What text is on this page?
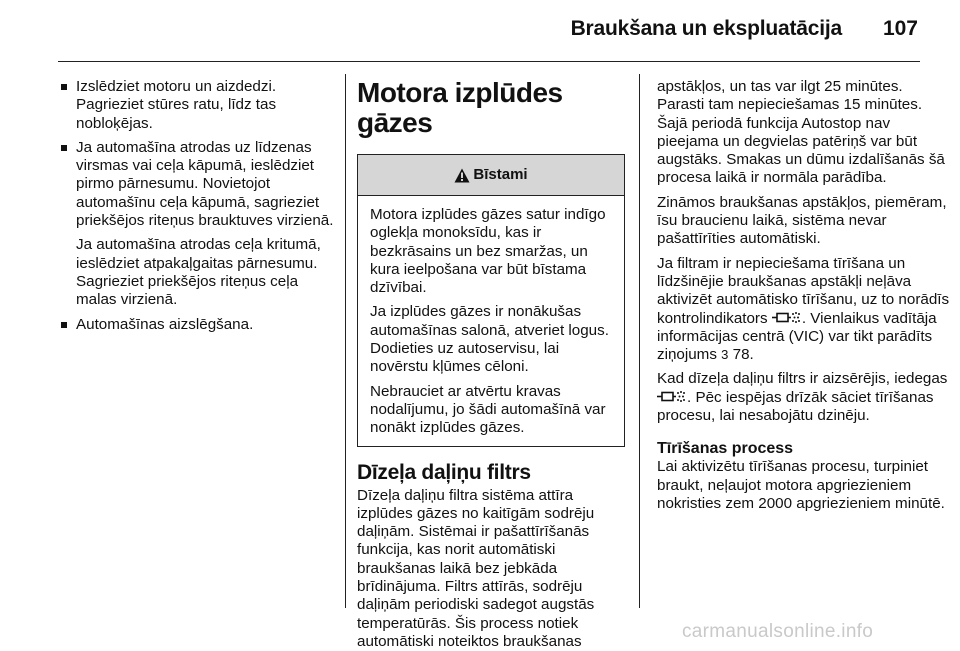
Braukšana un ekspluatācija 107

Izslēdziet motoru un aizdedzi. Pagrieziet stūres ratu, līdz tas nobloķējas.

Ja automašīna atrodas uz līdzenas virsmas vai ceļa kāpumā, ieslēdziet pirmo pārnesumu. Novietojot automašīnu ceļa kāpumā, sagrieziet priekšējos riteņus brauktuves virzienā.

Ja automašīna atrodas ceļa kritumā, ieslēdziet atpakaļgaitas pārnesumu. Sagrieziet priekšējos riteņus ceļa malas virzienā.

Automašīnas aizslēgšana.

Motora izplūdes gāzes

Bīstami

Motora izplūdes gāzes satur indīgo oglekļa monoksīdu, kas ir bezkrāsains un bez smaržas, un kura ieelpošana var būt bīstama dzīvībai.

Ja izplūdes gāzes ir nonākušas automašīnas salonā, atveriet logus. Dodieties uz autoservisu, lai novērstu kļūmes cēloni.

Nebrauciet ar atvērtu kravas nodalījumu, jo šādi automašīnā var nonākt izplūdes gāzes.

Dīzeļa daļiņu filtrs

Dīzeļa daļiņu filtra sistēma attīra izplūdes gāzes no kaitīgām sodrēju daļiņām. Sistēmai ir pašattīrīšanās funkcija, kas norit automātiski braukšanas laikā bez jebkāda brīdinājuma. Filtrs attīrās, sodrēju daļiņām periodiski sadegot augstās temperatūrās. Šis process notiek automātiski noteiktos braukšanas

apstākļos, un tas var ilgt 25 minūtes. Parasti tam nepieciešamas 15 minūtes. Šajā periodā funkcija Autostop nav pieejama un degvielas patēriņš var būt augstāks. Smakas un dūmu izdalīšanās šā procesa laikā ir normāla parādība.

Zināmos braukšanas apstākļos, piemēram, īsu braucienu laikā, sistēma nevar pašattīrīties automātiski.

Ja filtram ir nepieciešama tīrīšana un līdzšinējie braukšanas apstākļi neļāva aktivizēt automātisko tīrīšanu, uz to norādīs kontrolindikators . Vienlaikus vadītāja informācijas centrā (VIC) var tikt parādīts ziņojums 3 78.

Kad dīzeļa daļiņu filtrs ir aizsērējis, iedegas . Pēc iespējas drīzāk sāciet tīrīšanas procesu, lai nesabojātu dzinēju.

Tīrīšanas process

Lai aktivizētu tīrīšanas procesu, turpiniet braukt, neļaujot motora apgriezieniem nokristies zem 2000 apgriezieniem minūtē.

carmanualsonline.info
